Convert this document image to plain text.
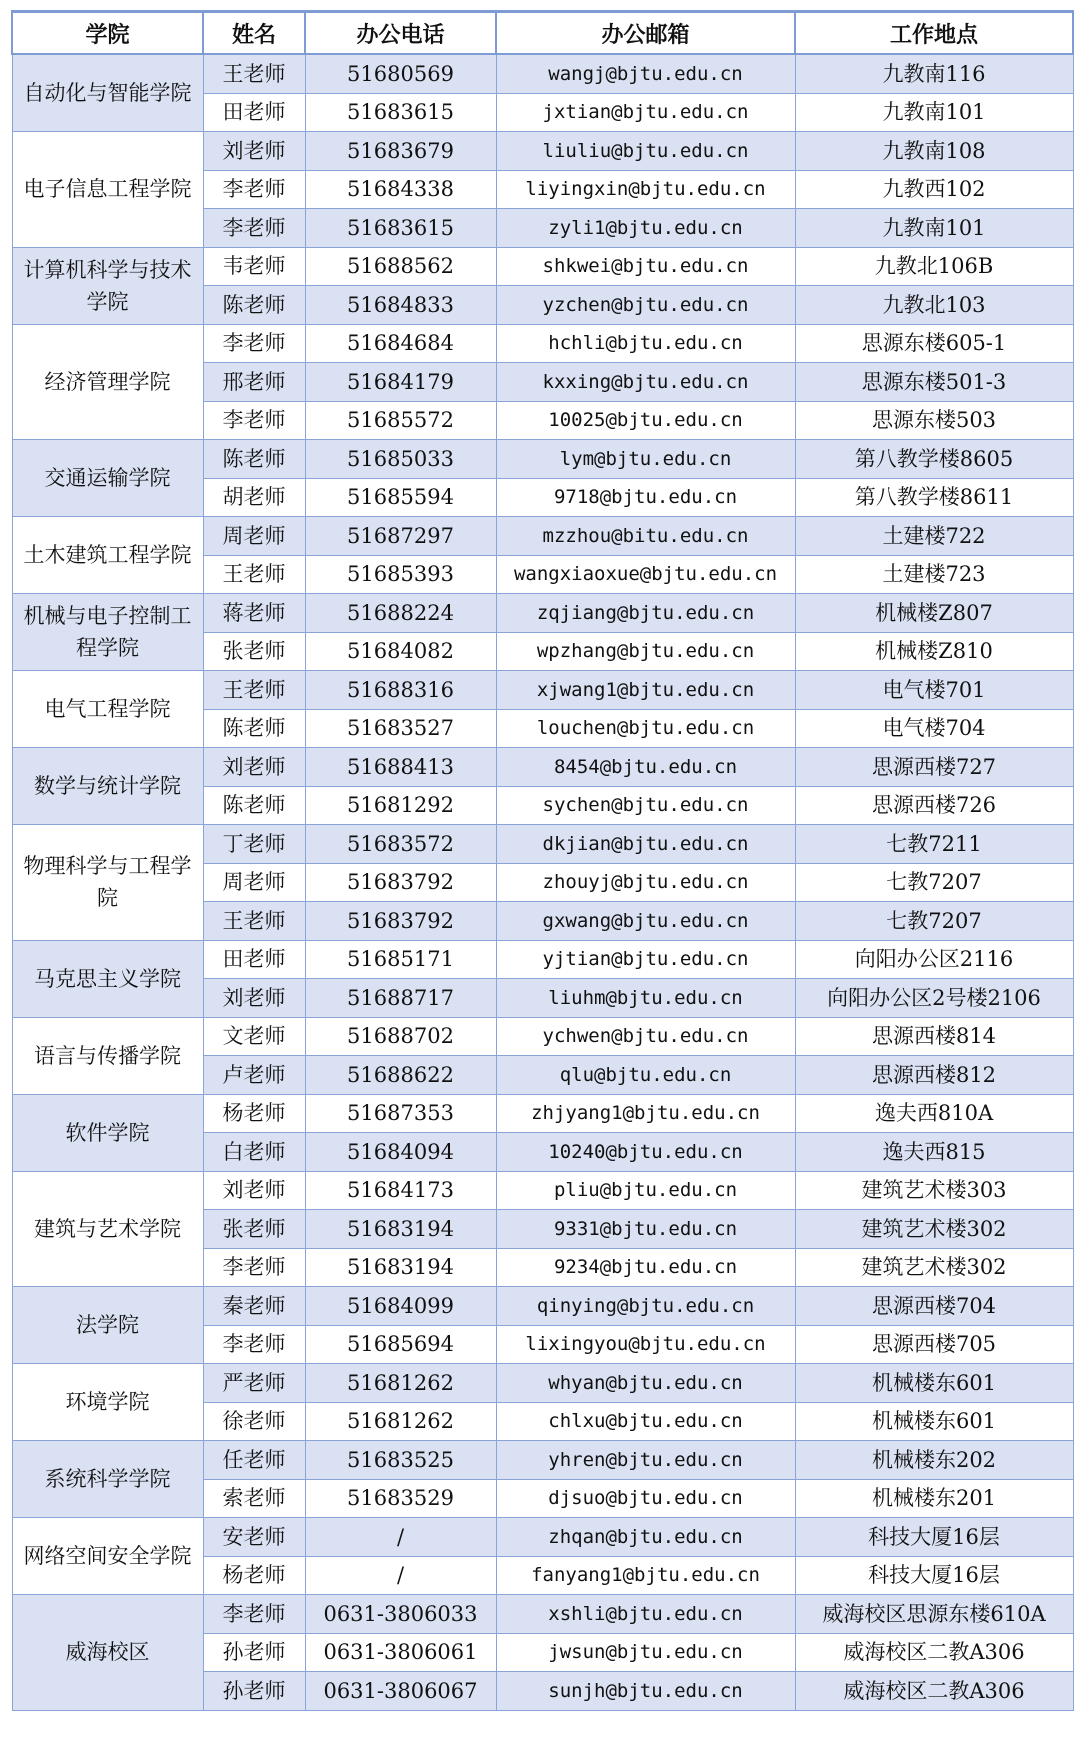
学院	姓名	办公电话	办公邮箱	工作地点
自动化与智能学院	王老师	51680569	wangj@bjtu.edu.cn	九教南116
	田老师	51683615	jxtian@bjtu.edu.cn	九教南101
电子信息工程学院	刘老师	51683679	liuliu@bjtu.edu.cn	九教南108
	李老师	51684338	liyingxin@bjtu.edu.cn	九教西102
	李老师	51683615	zyli1@bjtu.edu.cn	九教南101
计算机科学与技术学院	韦老师	51688562	shkwei@bjtu.edu.cn	九教北106B
	陈老师	51684833	yzchen@bjtu.edu.cn	九教北103
经济管理学院	李老师	51684684	hchli@bjtu.edu.cn	思源东楼605-1
	邢老师	51684179	kxxing@bjtu.edu.cn	思源东楼501-3
	李老师	51685572	10025@bjtu.edu.cn	思源东楼503
交通运输学院	陈老师	51685033	lym@bjtu.edu.cn	第八教学楼8605
	胡老师	51685594	9718@bjtu.edu.cn	第八教学楼8611
土木建筑工程学院	周老师	51687297	mzzhou@bitu.edu.cn	土建楼722
	王老师	51685393	wangxiaoxue@bjtu.edu.cn	土建楼723
机械与电子控制工程学院	蒋老师	51688224	zqjiang@bjtu.edu.cn	机械楼Z807
	张老师	51684082	wpzhang@bjtu.edu.cn	机械楼Z810
电气工程学院	王老师	51688316	xjwang1@bjtu.edu.cn	电气楼701
	陈老师	51683527	louchen@bjtu.edu.cn	电气楼704
数学与统计学院	刘老师	51688413	8454@bjtu.edu.cn	思源西楼727
	陈老师	51681292	sychen@bjtu.edu.cn	思源西楼726
物理科学与工程学院	丁老师	51683572	dkjian@bjtu.edu.cn	七教7211
	周老师	51683792	zhouyj@bjtu.edu.cn	七教7207
	王老师	51683792	gxwang@bjtu.edu.cn	七教7207
马克思主义学院	田老师	51685171	yjtian@bjtu.edu.cn	向阳办公区2116
	刘老师	51688717	liuhm@bjtu.edu.cn	向阳办公区2号楼2106
语言与传播学院	文老师	51688702	ychwen@bjtu.edu.cn	思源西楼814
	卢老师	51688622	qlu@bjtu.edu.cn	思源西楼812
软件学院	杨老师	51687353	zhjyang1@bjtu.edu.cn	逸夫西810A
	白老师	51684094	10240@bjtu.edu.cn	逸夫西815
建筑与艺术学院	刘老师	51684173	pliu@bjtu.edu.cn	建筑艺术楼303
	张老师	51683194	9331@bjtu.edu.cn	建筑艺术楼302
	李老师	51683194	9234@bjtu.edu.cn	建筑艺术楼302
法学院	秦老师	51684099	qinying@bjtu.edu.cn	思源西楼704
	李老师	51685694	lixingyou@bjtu.edu.cn	思源西楼705
环境学院	严老师	51681262	whyan@bjtu.edu.cn	机械楼东601
	徐老师	51681262	chlxu@bjtu.edu.cn	机械楼东601
系统科学学院	任老师	51683525	yhren@bjtu.edu.cn	机械楼东202
	索老师	51683529	djsuo@bjtu.edu.cn	机械楼东201
网络空间安全学院	安老师	/	zhqan@bjtu.edu.cn	科技大厦16层
	杨老师	/	fanyang1@bjtu.edu.cn	科技大厦16层
威海校区	李老师	0631-3806033	xshli@bjtu.edu.cn	威海校区思源东楼610A
	孙老师	0631-3806061	jwsun@bjtu.edu.cn	威海校区二教A306
	孙老师	0631-3806067	sunjh@bjtu.edu.cn	威海校区二教A306
